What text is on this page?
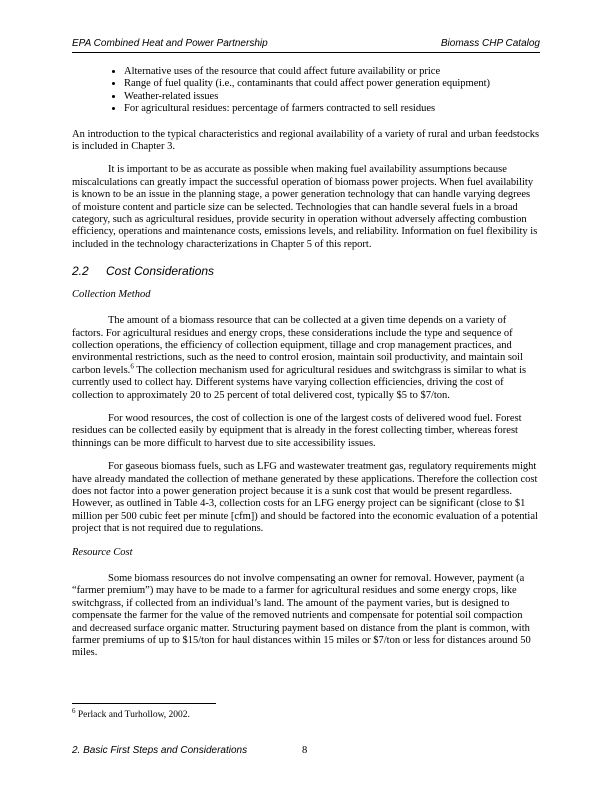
EPA Combined Heat and Power Partnership	Biomass CHP Catalog
• Alternative uses of the resource that could affect future availability or price
• Range of fuel quality (i.e., contaminants that could affect power generation equipment)
• Weather-related issues
• For agricultural residues: percentage of farmers contracted to sell residues

An introduction to the typical characteristics and regional availability of a variety of rural and urban feedstocks is included in Chapter 3.

It is important to be as accurate as possible when making fuel availability assumptions because miscalculations can greatly impact the successful operation of biomass power projects. When fuel availability is known to be an issue in the planning stage, a power generation technology that can handle varying degrees of moisture content and particle size can be selected. Technologies that can handle several fuels in a broad category, such as agricultural residues, provide security in operation without adversely affecting combustion efficiency, operations and maintenance costs, emissions levels, and reliability. Information on fuel flexibility is included in the technology characterizations in Chapter 5 of this report.

2.2 Cost Considerations
Collection Method

The amount of a biomass resource that can be collected at a given time depends on a variety of factors. For agricultural residues and energy crops, these considerations include the type and sequence of collection operations, the efficiency of collection equipment, tillage and crop management practices, and environmental restrictions, such as the need to control erosion, maintain soil productivity, and maintain soil carbon levels.$^6$ The collection mechanism used for agricultural residues and switchgrass is similar to what is currently used to collect hay. Different systems have varying collection efficiencies, driving the cost of collection to approximately 20 to 25 percent of total delivered cost, typically $5 to $7/ton.

For wood resources, the cost of collection is one of the largest costs of delivered wood fuel. Forest residues can be collected easily by equipment that is already in the forest collecting timber, whereas forest thinnings can be more difficult to harvest due to site accessibility issues.

For gaseous biomass fuels, such as LFG and wastewater treatment gas, regulatory requirements might have already mandated the collection of methane generated by these applications. Therefore the collection cost does not factor into a power generation project because it is a sunk cost that would be present regardless. However, as outlined in Table 4-3, collection costs for an LFG energy project can be significant (close to $1 million per 500 cubic feet per minute [cfm]) and should be factored into the economic evaluation of a potential project that is not required due to regulations.

Resource Cost

Some biomass resources do not involve compensating an owner for removal. However, payment (a “farmer premium”) may have to be made to a farmer for agricultural residues and some energy crops, like switchgrass, if collected from an individual’s land. The amount of the payment varies, but is designed to compensate the farmer for the value of the removed nutrients and compensate for potential soil compaction and decreased surface organic matter. Structuring payment based on distance from the plant is common, with farmer premiums of up to $15/ton for haul distances within 15 miles or $7/ton or less for distances around 50 miles.

$^6$ Perlack and Turhollow, 2002.
2. Basic First Steps and Considerations	8
